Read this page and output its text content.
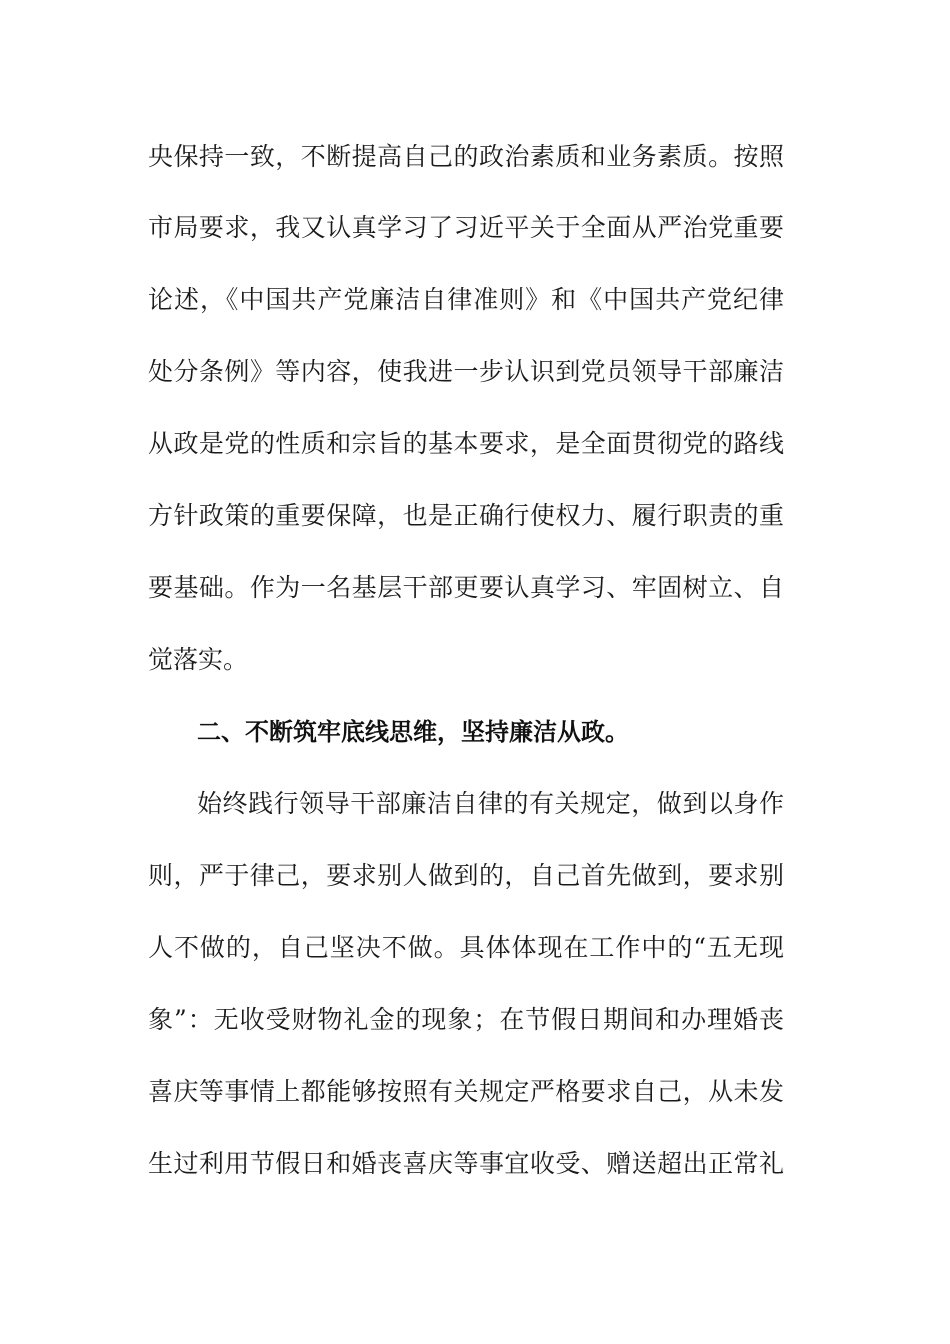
央保持一致，不断提高自己的政治素质和业务素质。按照
市局要求，我又认真学习了习近平关于全面从严治党重要
论述，《中国共产党廉洁自律准则》和《中国共产党纪律
处分条例》等内容，使我进一步认识到党员领导干部廉洁
从政是党的性质和宗旨的基本要求，是全面贯彻党的路线
方针政策的重要保障，也是正确行使权力、履行职责的重
要基础。作为一名基层干部更要认真学习、牢固树立、自
觉落实。
二、不断筑牢底线思维，坚持廉洁从政。
始终践行领导干部廉洁自律的有关规定，做到以身作
则，严于律己，要求别人做到的，自己首先做到，要求别
人不做的，自己坚决不做。具体体现在工作中的“五无现
象”：无收受财物礼金的现象；在节假日期间和办理婚丧
喜庆等事情上都能够按照有关规定严格要求自己，从未发
生过利用节假日和婚丧喜庆等事宜收受、赠送超出正常礼
